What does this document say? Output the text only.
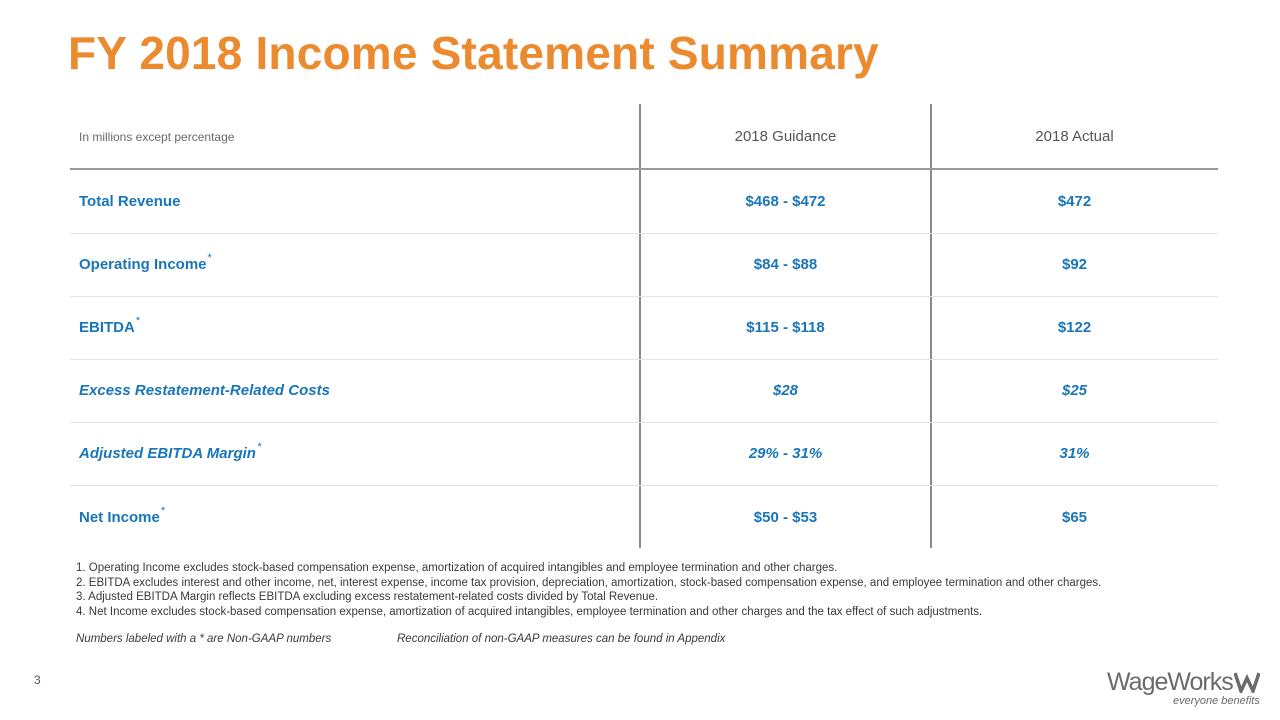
FY 2018 Income Statement Summary
In millions except percentage	2018 Guidance	2018 Actual
Total Revenue	$468 - $472	$472
Operating Income*	$84 - $88	$92
EBITDA*	$115 - $118	$122
Excess Restatement-Related Costs	$28	$25
Adjusted EBITDA Margin*	29% - 31%	31%
Net Income*	$50 - $53	$65
1. Operating Income excludes stock-based compensation expense, amortization of acquired intangibles and employee termination and other charges.
2. EBITDA excludes interest and other income, net, interest expense, income tax provision, depreciation, amortization, stock-based compensation expense, and employee termination and other charges.
3. Adjusted EBITDA Margin reflects EBITDA excluding excess restatement-related costs divided by Total Revenue.
4. Net Income excludes stock-based compensation expense, amortization of acquired intangibles, employee termination and other charges and the tax effect of such adjustments.
Numbers labeled with a * are Non-GAAP numbers	Reconciliation of non-GAAP measures can be found in Appendix
3	WageWorks
everyone benefits
